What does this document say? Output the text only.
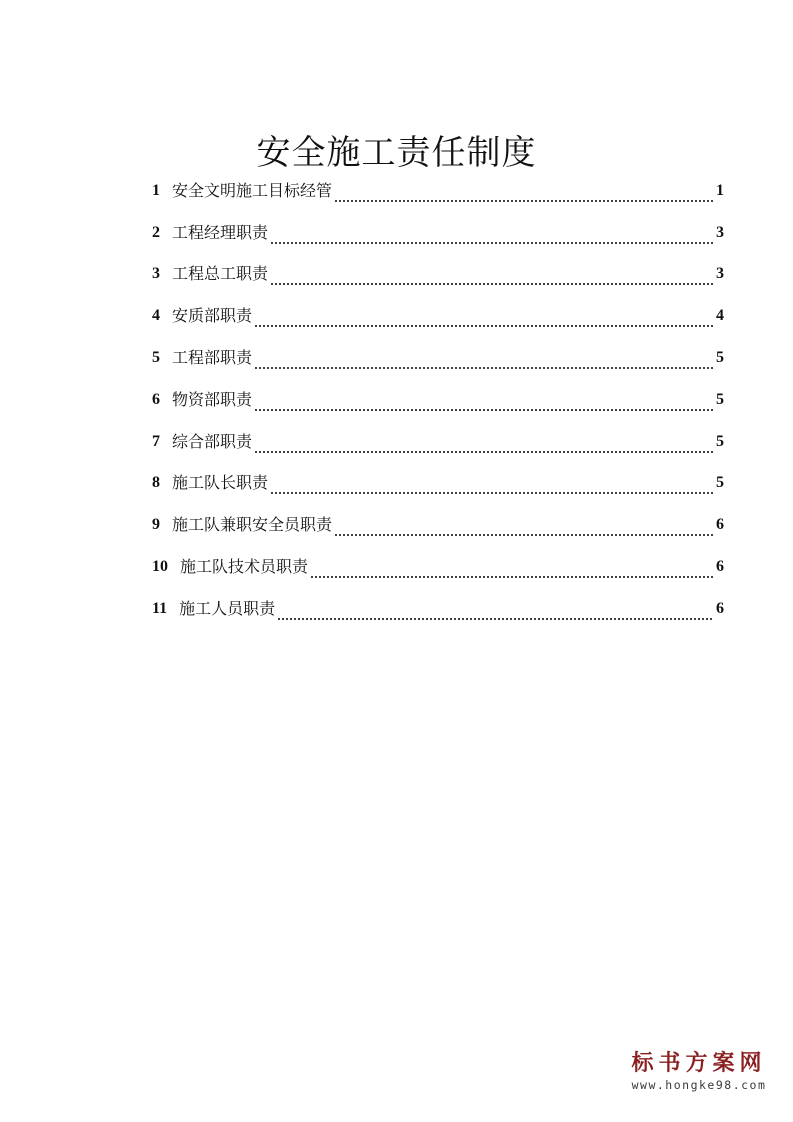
安全施工责任制度
1 安全文明施工目标经管	1
2 工程经理职责	3
3 工程总工职责	3
4 安质部职责	4
5 工程部职责	5
6 物资部职责	5
7 综合部职责	5
8 施工队长职责	5
9 施工队兼职安全员职责	6
10 施工队技术员职责	6
11 施工人员职责	6
标书方案网
www.hongke98.com
